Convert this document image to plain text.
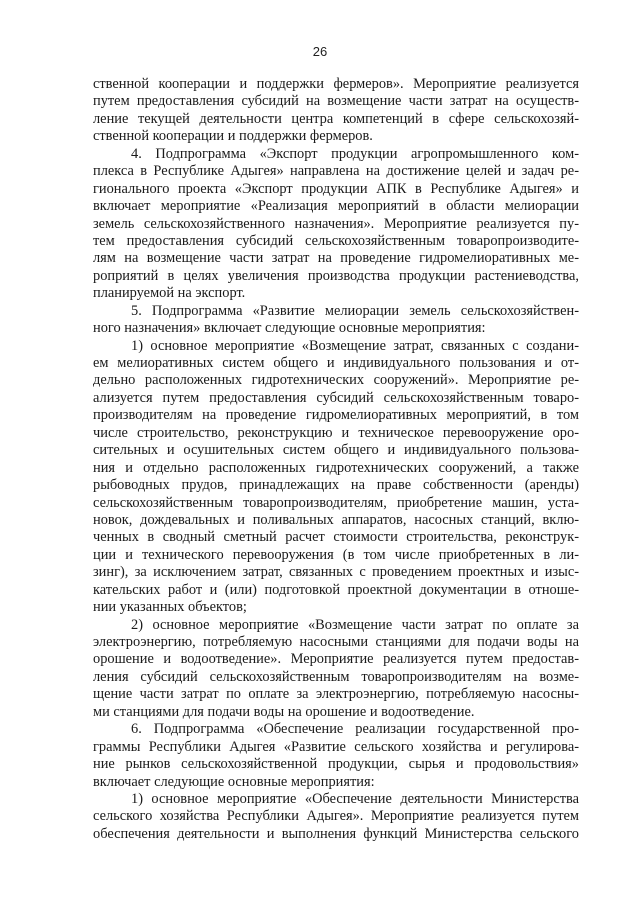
26
ственной кооперации и поддержки фермеров». Мероприятие реализуется
путем предоставления субсидий на возмещение части затрат на осуществ-
ление текущей деятельности центра компетенций в сфере сельскохозяй-
ственной кооперации и поддержки фермеров.
4. Подпрограмма «Экспорт продукции агропромышленного ком-
плекса в Республике Адыгея» направлена на достижение целей и задач ре-
гионального проекта «Экспорт продукции АПК в Республике Адыгея» и
включает мероприятие «Реализация мероприятий в области мелиорации
земель сельскохозяйственного назначения». Мероприятие реализуется пу-
тем предоставления субсидий сельскохозяйственным товаропроизводите-
лям на возмещение части затрат на проведение гидромелиоративных ме-
роприятий в целях увеличения производства продукции растениеводства,
планируемой на экспорт.
5. Подпрограмма «Развитие мелиорации земель сельскохозяйствен-
ного назначения» включает следующие основные мероприятия:
1) основное мероприятие «Возмещение затрат, связанных с создани-
ем мелиоративных систем общего и индивидуального пользования и от-
дельно расположенных гидротехнических сооружений». Мероприятие ре-
ализуется путем предоставления субсидий сельскохозяйственным товаро-
производителям на проведение гидромелиоративных мероприятий, в том
числе строительство, реконструкцию и техническое перевооружение оро-
сительных и осушительных систем общего и индивидуального пользова-
ния и отдельно расположенных гидротехнических сооружений, а также
рыбоводных прудов, принадлежащих на праве собственности (аренды)
сельскохозяйственным товаропроизводителям, приобретение машин, уста-
новок, дождевальных и поливальных аппаратов, насосных станций, вклю-
ченных в сводный сметный расчет стоимости строительства, реконструк-
ции и технического перевооружения (в том числе приобретенных в ли-
зинг), за исключением затрат, связанных с проведением проектных и изыс-
кательских работ и (или) подготовкой проектной документации в отноше-
нии указанных объектов;
2) основное мероприятие «Возмещение части затрат по оплате за
электроэнергию, потребляемую насосными станциями для подачи воды на
орошение и водоотведение». Мероприятие реализуется путем предостав-
ления субсидий сельскохозяйственным товаропроизводителям на возме-
щение части затрат по оплате за электроэнергию, потребляемую насосны-
ми станциями для подачи воды на орошение и водоотведение.
6. Подпрограмма «Обеспечение реализации государственной про-
граммы Республики Адыгея «Развитие сельского хозяйства и регулирова-
ние рынков сельскохозяйственной продукции, сырья и продовольствия»
включает следующие основные мероприятия:
1) основное мероприятие «Обеспечение деятельности Министерства
сельского хозяйства Республики Адыгея». Мероприятие реализуется путем
обеспечения деятельности и выполнения функций Министерства сельского
